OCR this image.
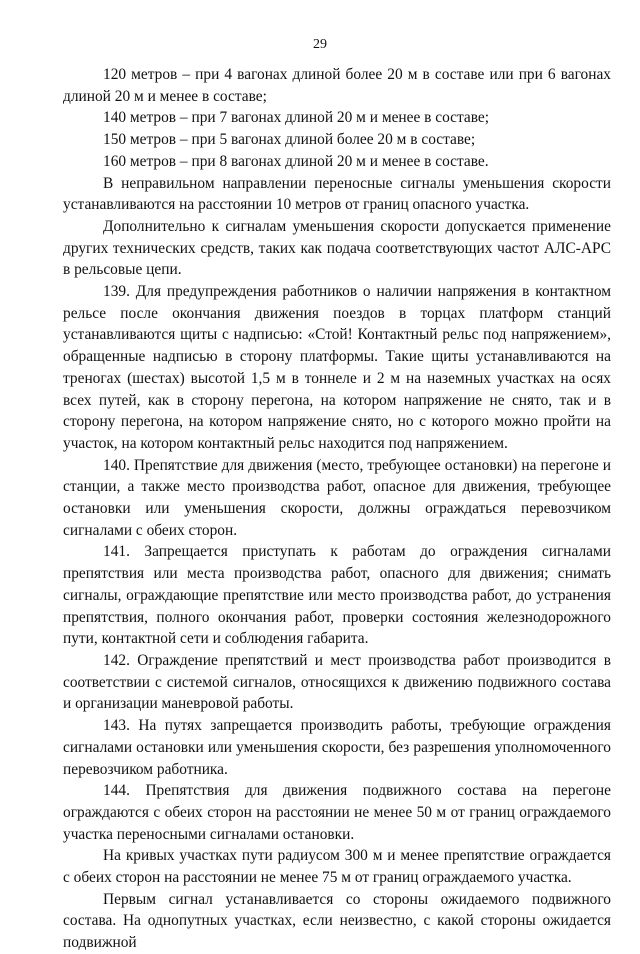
29

120 метров – при 4 вагонах длиной более 20 м в составе или при 6 вагонах длиной 20 м и менее в составе;

140 метров – при 7 вагонах длиной 20 м и менее в составе;

150 метров – при 5 вагонах длиной более 20 м в составе;

160 метров – при 8 вагонах длиной 20 м и менее в составе.

В неправильном направлении переносные сигналы уменьшения скорости устанавливаются на расстоянии 10 метров от границ опасного участка.

Дополнительно к сигналам уменьшения скорости допускается применение других технических средств, таких как подача соответствующих частот АЛС-АРС в рельсовые цепи.

139. Для предупреждения работников о наличии напряжения в контактном рельсе после окончания движения поездов в торцах платформ станций устанавливаются щиты с надписью: «Стой! Контактный рельс под напряжением», обращенные надписью в сторону платформы. Такие щиты устанавливаются на треногах (шестах) высотой 1,5 м в тоннеле и 2 м на наземных участках на осях всех путей, как в сторону перегона, на котором напряжение не снято, так и в сторону перегона, на котором напряжение снято, но с которого можно пройти на участок, на котором контактный рельс находится под напряжением.

140. Препятствие для движения (место, требующее остановки) на перегоне и станции, а также место производства работ, опасное для движения, требующее остановки или уменьшения скорости, должны ограждаться перевозчиком сигналами с обеих сторон.

141. Запрещается приступать к работам до ограждения сигналами препятствия или места производства работ, опасного для движения; снимать сигналы, ограждающие препятствие или место производства работ, до устранения препятствия, полного окончания работ, проверки состояния железнодорожного пути, контактной сети и соблюдения габарита.

142. Ограждение препятствий и мест производства работ производится в соответствии с системой сигналов, относящихся к движению подвижного состава и организации маневровой работы.

143. На путях запрещается производить работы, требующие ограждения сигналами остановки или уменьшения скорости, без разрешения уполномоченного перевозчиком работника.

144. Препятствия для движения подвижного состава на перегоне ограждаются с обеих сторон на расстоянии не менее 50 м от границ ограждаемого участка переносными сигналами остановки.

На кривых участках пути радиусом 300 м и менее препятствие ограждается с обеих сторон на расстоянии не менее 75 м от границ ограждаемого участка.

Первым сигнал устанавливается со стороны ожидаемого подвижного состава. На однопутных участках, если неизвестно, с какой стороны ожидается подвижной
